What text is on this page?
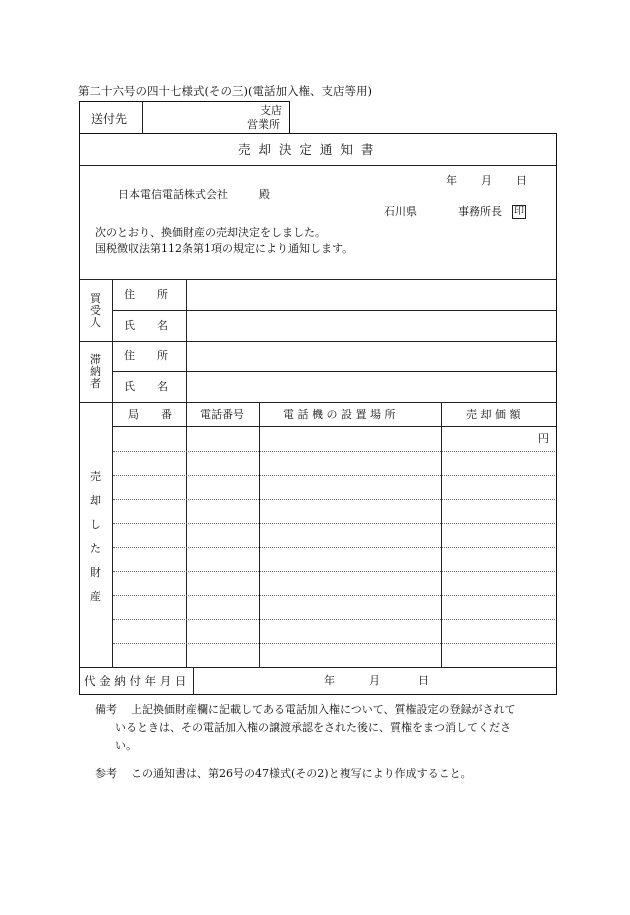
第二十六号の四十七様式(その三)(電話加入権、支店等用)
送付先
支店
営業所
売 却 決 定 通 知 書
年 月 日
日本電信電話株式会社	殿
石川県	事務所長 印
次のとおり、換価財産の売却決定をしました。
国税徴収法第112条第1項の規定により通知します。
買
受
人
住　　所
氏　　名
滞
納
者
住　　所
氏　　名
局　　番	電話番号	電 話 機 の 設 置 場 所	売 却 価 額
円
売
却
し
た
財
産
代 金 納 付 年 月 日	年	月	日
備考 上記換価財産欄に記載してある電話加入権について、質権設定の登録がされて
いるときは、その電話加入権の譲渡承認をされた後に、質権をまつ消してくださ
い。
参考 この通知書は、第26号の47様式(その2)と複写により作成すること。
